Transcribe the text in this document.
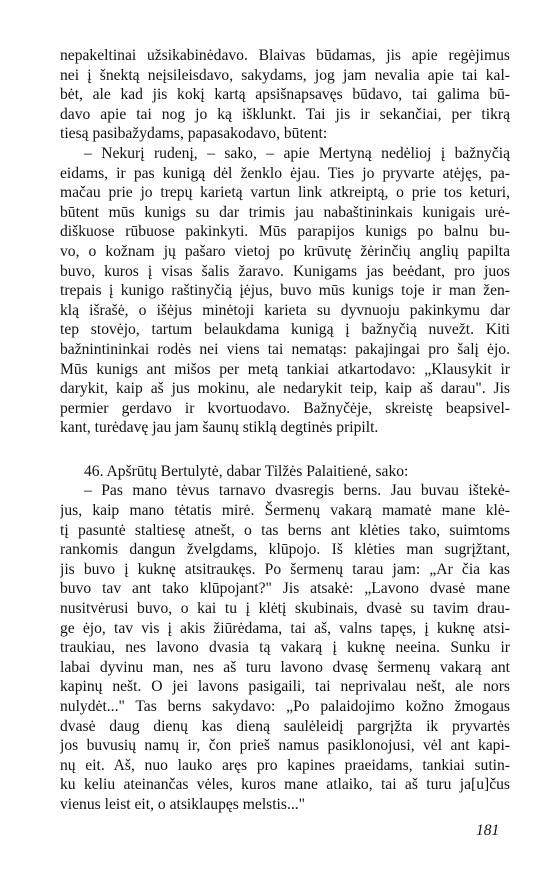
nepakeltinai užsikabinėdavo. Blaivas būdamas, jis apie regėjimus
nei į šnektą neįsileisdavo, sakydams, jog jam nevalia apie tai kal-
bėt, ale kad jis kokį kartą apsišnapsavęs būdavo, tai galima bū-
davo apie tai nog jo ką išklunkt. Tai jis ir sekančiai, per tikrą
tiesą pasibažydams, papasakodavo, būtent:
– Nekurį rudenį, – sako, – apie Mertyną nedėlioj į bažnyčią
eidams, ir pas kunigą dėl ženklo ėjau. Ties jo pryvarte atėjęs, pa-
mačau prie jo trepų karietą vartun link atkreiptą, o prie tos keturi,
būtent mūs kunigs su dar trimis jau nabaštininkais kunigais urė-
diškuose rūbuose pakinkyti. Mūs parapijos kunigs po balnu bu-
vo, o kožnam jų pašaro vietoj po krūvutę žėrinčių anglių papilta
buvo, kuros į visas šalis žaravo. Kunigams jas beėdant, pro juos
trepais į kunigo raštinyčią įėjus, buvo mūs kunigs toje ir man žen-
klą išrašė, o išėjus minėtoji karieta su dyvnuoju pakinkymu dar
tep stovėjo, tartum belaukdama kunigą į bažnyčią nuvežt. Kiti
bažnintininkai rodės nei viens tai nematąs: pakajingai pro šalį ėjo.
Mūs kunigs ant mišos per metą tankiai atkartodavo: „Klausykit ir
darykit, kaip aš jus mokinu, ale nedarykit teip, kaip aš darau". Jis
permier gerdavo ir kvortuodavo. Bažnyčėje, skreistę beapsivel-
kant, turėdavę jau jam šaunų stiklą degtinės pripilt.
46. Apšrūtų Bertulytė, dabar Tilžės Palaitienė, sako:
– Pas mano tėvus tarnavo dvasregis berns. Jau buvau ištekė-
jus, kaip mano tėtatis mirė. Šermenų vakarą mamatė mane klė-
tį pasuntė staltiesę atnešt, o tas berns ant klėties tako, suimtoms
rankomis dangun žvelgdams, klūpojo. Iš klėties man sugrįžtant,
jis buvo į kuknę atsitraukęs. Po šermenų tarau jam: „Ar čia kas
buvo tav ant tako klūpojant?" Jis atsakė: „Lavono dvasė mane
nusitvėrusi buvo, o kai tu į klėtį skubinais, dvasė su tavim drau-
ge ėjo, tav vis į akis žiūrėdama, tai aš, valns tapęs, į kuknę atsi-
traukiau, nes lavono dvasia tą vakarą į kuknę neeina. Sunku ir
labai dyvinu man, nes aš turu lavono dvasę šermenų vakarą ant
kapinų nešt. O jei lavons pasigaili, tai neprivalau nešt, ale nors
nulydėt..." Tas berns sakydavo: „Po palaidojimo kožno žmogaus
dvasė daug dienų kas dieną saulėleidį pargrįžta ik pryvartės
jos buvusių namų ir, čon prieš namus pasiklonojusi, vėl ant kapi-
nų eit. Aš, nuo lauko aręs pro kapines praeidams, tankiai sutin-
ku keliu ateinančas vėles, kuros mane atlaiko, tai aš turu ja[u]čus
vienus leist eit, o atsiklaupęs melstis..."
181
